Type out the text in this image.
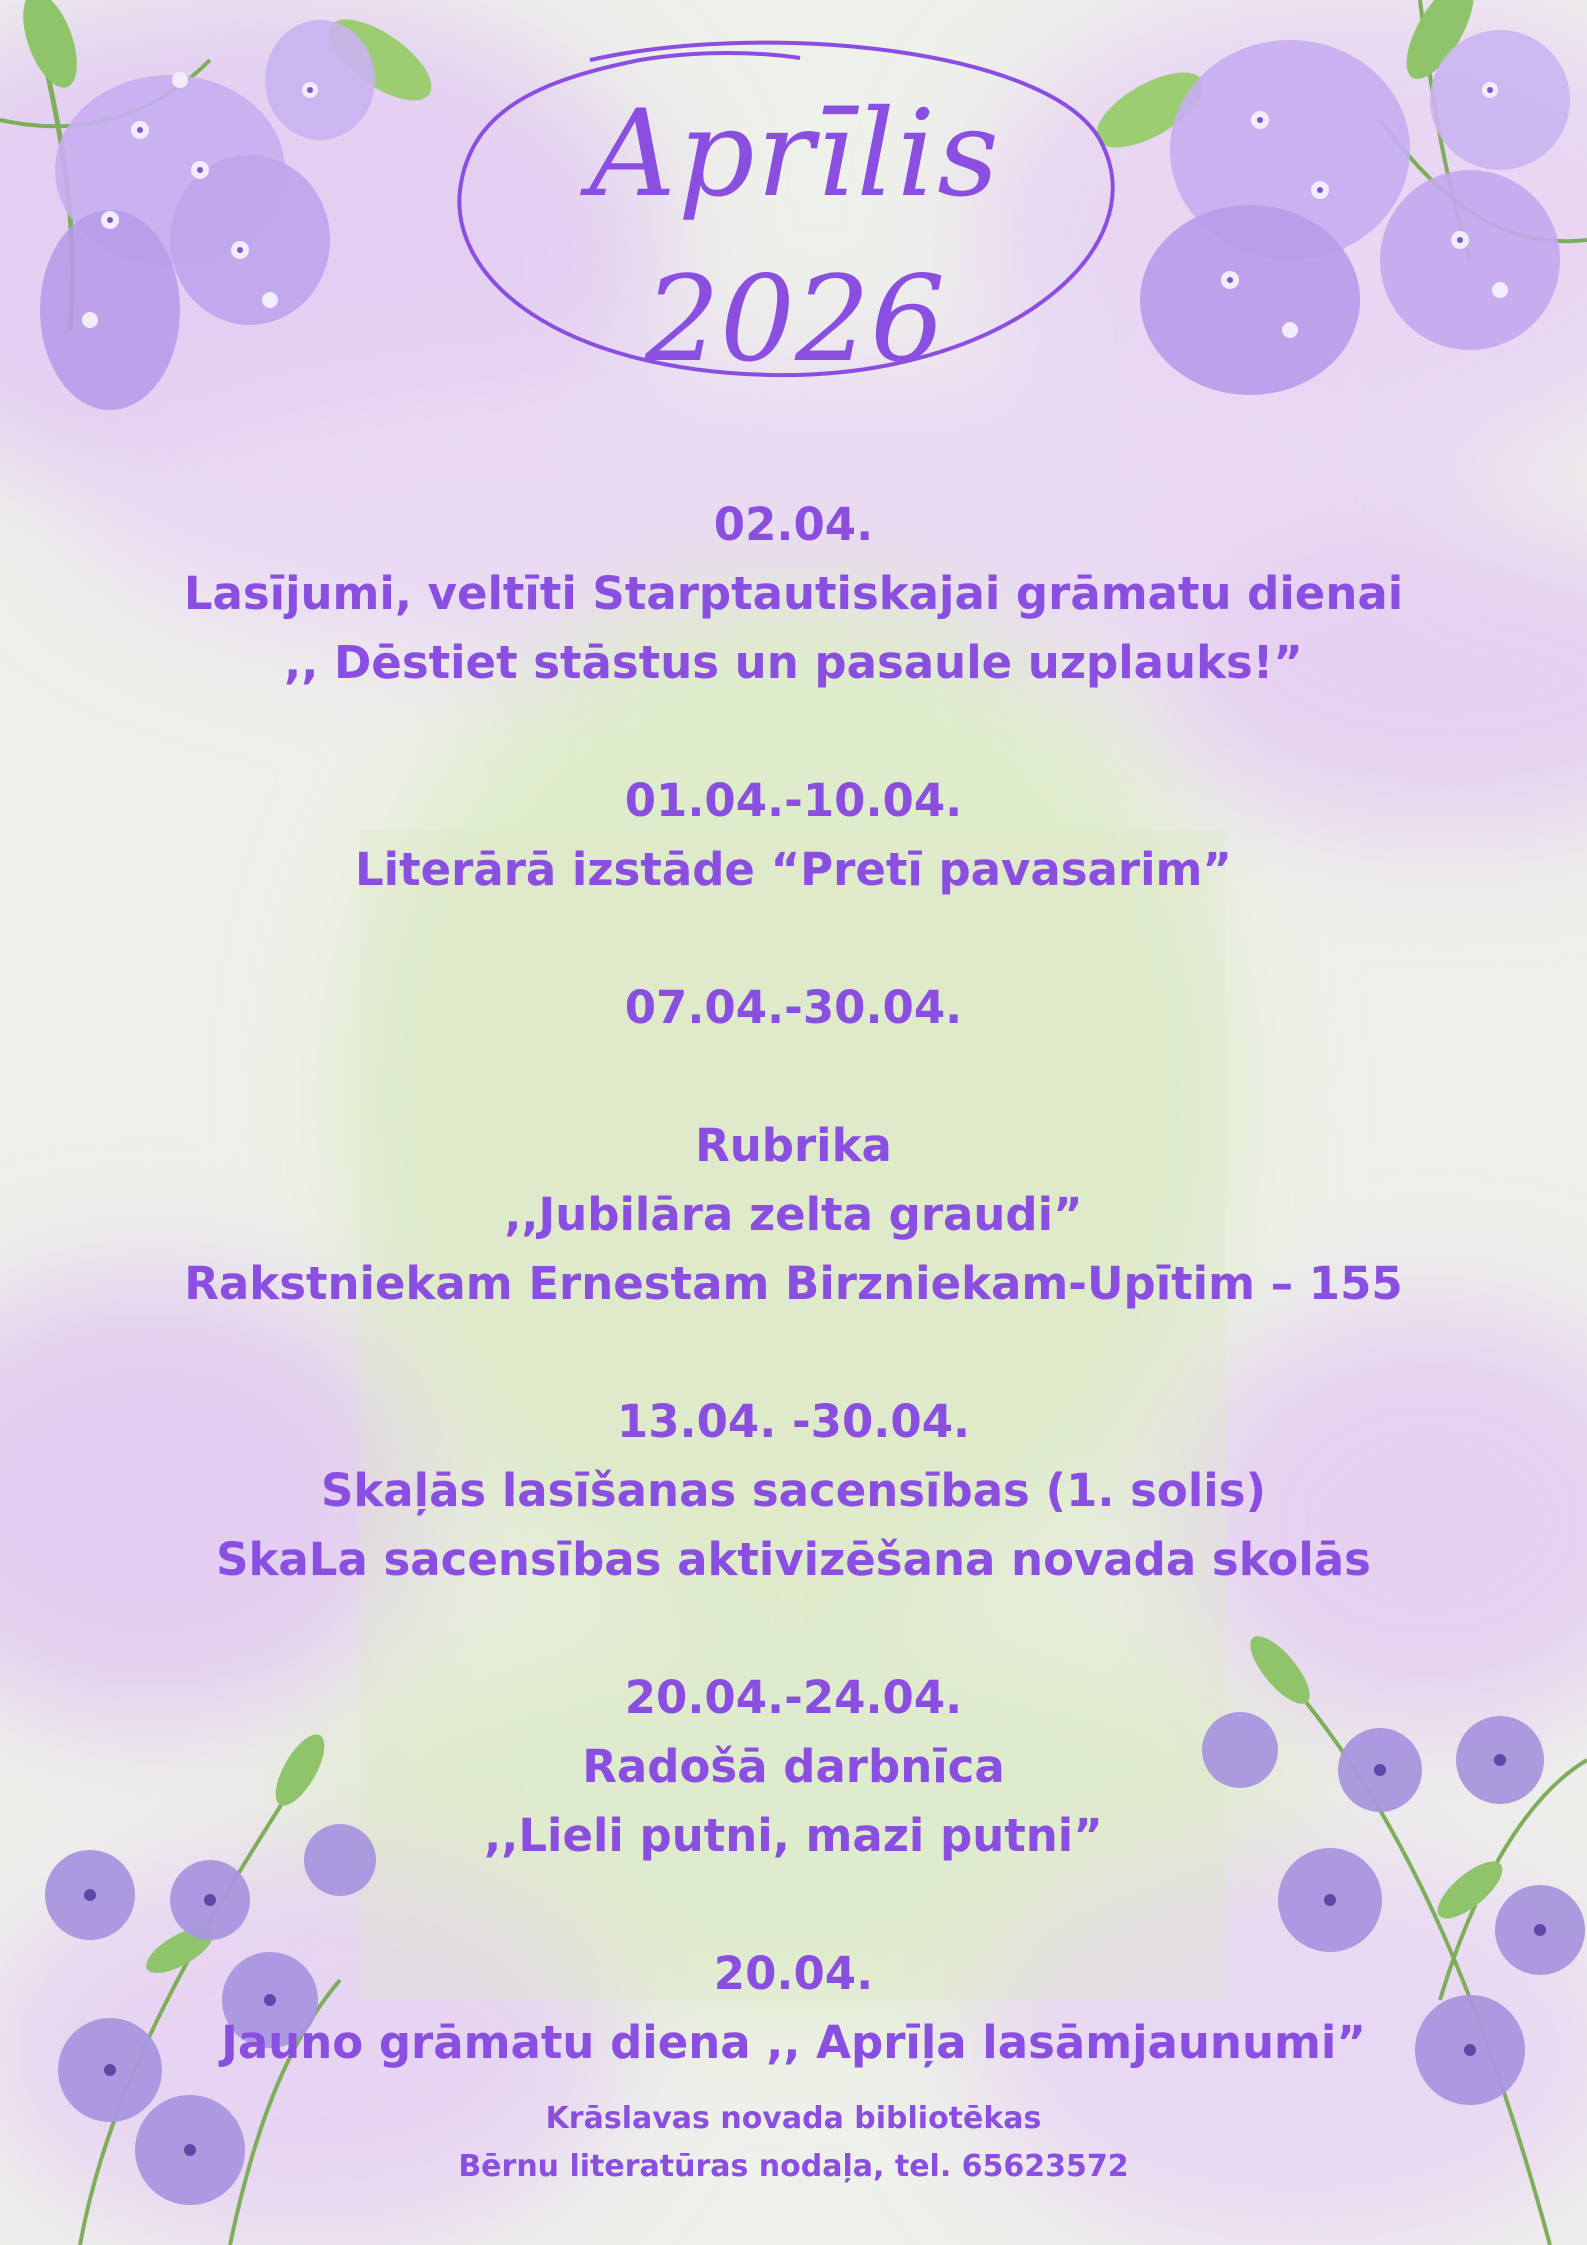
Aprīlis
2026
02.04.
Lasījumi, veltīti Starptautiskajai grāmatu dienai
,, Dēstiet stāstus un pasaule uzplauks!”
01.04.-10.04.
Literārā izstāde “Pretī pavasarim”
07.04.-30.04.
Rubrika
,,Jubilāra zelta graudi”
Rakstniekam Ernestam Birzniekam-Upītim – 155
13.04. -30.04.
Skaļās lasīšanas sacensības (1. solis)
SkaLa sacensības aktivizēšana novada skolās
20.04.-24.04.
Radošā darbnīca
,,Lieli putni, mazi putni”
20.04.
Jauno grāmatu diena ,, Aprīļa lasāmjaunumi”
Krāslavas novada bibliotēkas
Bērnu literatūras nodaļa, tel. 65623572
